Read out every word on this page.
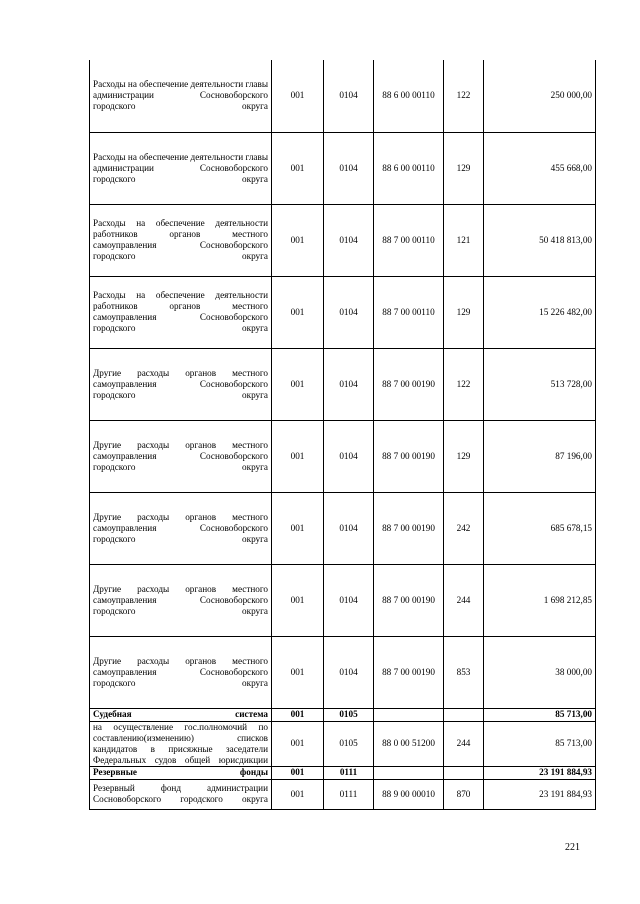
Расходы на обеспечение деятельности главы администрации Сосновоборского городского округа	001	0104	88 6 00 00110	122	250 000,00
Расходы на обеспечение деятельности главы администрации Сосновоборского городского округа	001	0104	88 6 00 00110	129	455 668,00
Расходы на обеспечение деятельности работников органов местного самоуправления Сосновоборского городского округа	001	0104	88 7 00 00110	121	50 418 813,00
Расходы на обеспечение деятельности работников органов местного самоуправления Сосновоборского городского округа	001	0104	88 7 00 00110	129	15 226 482,00
Другие расходы органов местного самоуправления Сосновоборского городского округа	001	0104	88 7 00 00190	122	513 728,00
Другие расходы органов местного самоуправления Сосновоборского городского округа	001	0104	88 7 00 00190	129	87 196,00
Другие расходы органов местного самоуправления Сосновоборского городского округа	001	0104	88 7 00 00190	242	685 678,15
Другие расходы органов местного самоуправления Сосновоборского городского округа	001	0104	88 7 00 00190	244	1 698 212,85
Другие расходы органов местного самоуправления Сосновоборского городского округа	001	0104	88 7 00 00190	853	38 000,00
Судебная система	001	0105			85 713,00
на осуществление гос.полномочий по составлению(изменению) списков кандидатов в присяжные заседатели Федеральных судов общей юрисдикции	001	0105	88 0 00 51200	244	85 713,00
Резервные фонды	001	0111			23 191 884,93
Резервный фонд администрации Сосновоборского городского округа	001	0111	88 9 00 00010	870	23 191 884,93
221
